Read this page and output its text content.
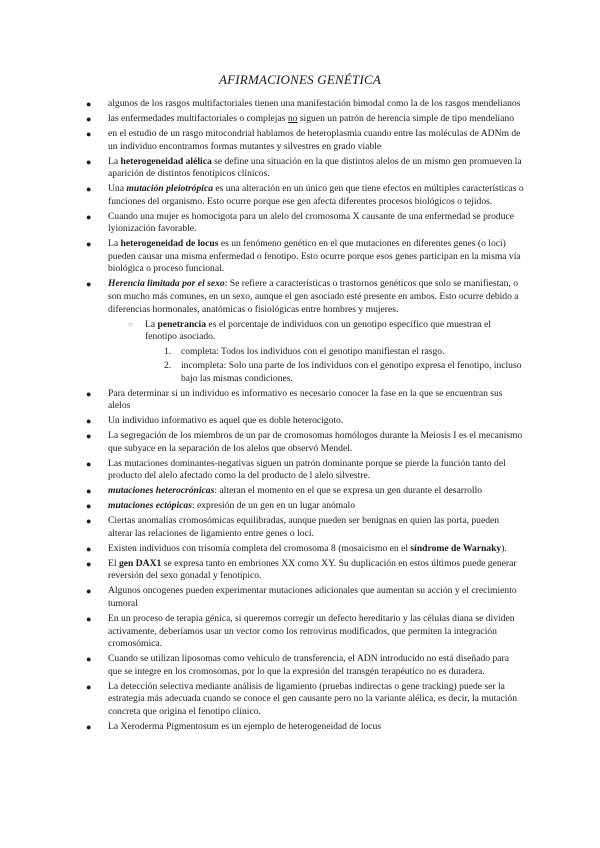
AFIRMACIONES GENÉTICA
● algunos de los rasgos multifactoriales tienen una manifestación bimodal como la de los rasgos mendelianos
● las enfermedades multifactoriales o complejas no siguen un patrón de herencia simple de tipo mendeliano
● en el estudio de un rasgo mitocondrial hablamos de heteroplasmia cuando entre las moléculas de ADNm de un individuo encontramos formas mutantes y silvestres en grado viable
● La heterogeneidad alélica se define una situación en la que distintos alelos de un mismo gen promueven la aparición de distintos fenotípicos clínicos.
● Una mutación pleiotrópica es una alteración en un único gen que tiene efectos en múltiples características o funciones del organismo. Esto ocurre porque ese gen afecta diferentes procesos biológicos o tejidos.
● Cuando una mujer es homocigota para un alelo del cromosoma X causante de una enfermedad se produce lyionización favorable.
● La heterogeneidad de locus es un fenómeno genético en el que mutaciones en diferentes genes (o loci) pueden causar una misma enfermedad o fenotipo. Esto ocurre porque esos genes participan en la misma vía biológica o proceso funcional.
● Herencia limitada por el sexo: Se refiere a características o trastornos genéticos que solo se manifiestan, o son mucho más comunes, en un sexo, aunque el gen asociado esté presente en ambos. Esto ocurre debido a diferencias hormonales, anatómicas o fisiológicas entre hombres y mujeres.
○ La penetrancia es el porcentaje de individuos con un genotipo específico que muestran el fenotipo asociado.
1. completa: Todos los individuos con el genotipo manifiestan el rasgo.
2. incompleta: Solo una parte de los individuos con el genotipo expresa el fenotipo, incluso bajo las mismas condiciones.
● Para determinar si un individuo es informativo es necesario conocer la fase en la que se encuentran sus alelos
● Un individuo informativo es aquel que es doble heterocigoto.
● La segregación de los miembros de un par de cromosomas homólogos durante la Meiosis I es el mecanismo que subyace en la separación de los alelos que observó Mendel.
● Las mutaciones dominantes-negativas siguen un patrón dominante porque se pierde la función tanto del producto del alelo afectado como la del producto de l alelo silvestre.
● mutaciones heterocrónicas: alteran el momento en el que se expresa un gen durante el desarrollo
● mutaciones ectópicas: expresión de un gen en un lugar anómalo
● Ciertas anomalías cromosómicas equilibradas, aunque pueden ser benignas en quien las porta, pueden alterar las relaciones de ligamiento entre genes o loci.
● Existen individuos con trisomía completa del cromosoma 8 (mosaicismo en el síndrome de Warnaky).
● El gen DAX1 se expresa tanto en embriones XX como XY. Su duplicación en estos últimos puede generar reversión del sexo gonadal y fenotípico.
● Algunos oncogenes pueden experimentar mutaciones adicionales que aumentan su acción y el crecimiento tumoral
● En un proceso de terapia génica, si queremos corregir un defecto hereditario y las células diana se dividen activamente, deberíamos usar un vector como los retrovirus modificados, que permiten la integración cromosómica.
● Cuando se utilizan liposomas como vehículo de transferencia, el ADN introducido no está diseñado para que se integre en los cromosomas, por lo que la expresión del transgén terapéutico no es duradera.
● La detección selectiva mediante análisis de ligamiento (pruebas indirectas o gene tracking) puede ser la estrategia más adecuada cuando se conoce el gen causante pero no la variante alélica, es decir, la mutación concreta que origina el fenotipo clínico.
● La Xeroderma Pigmentosum es un ejemplo de heterogeneidad de locus
